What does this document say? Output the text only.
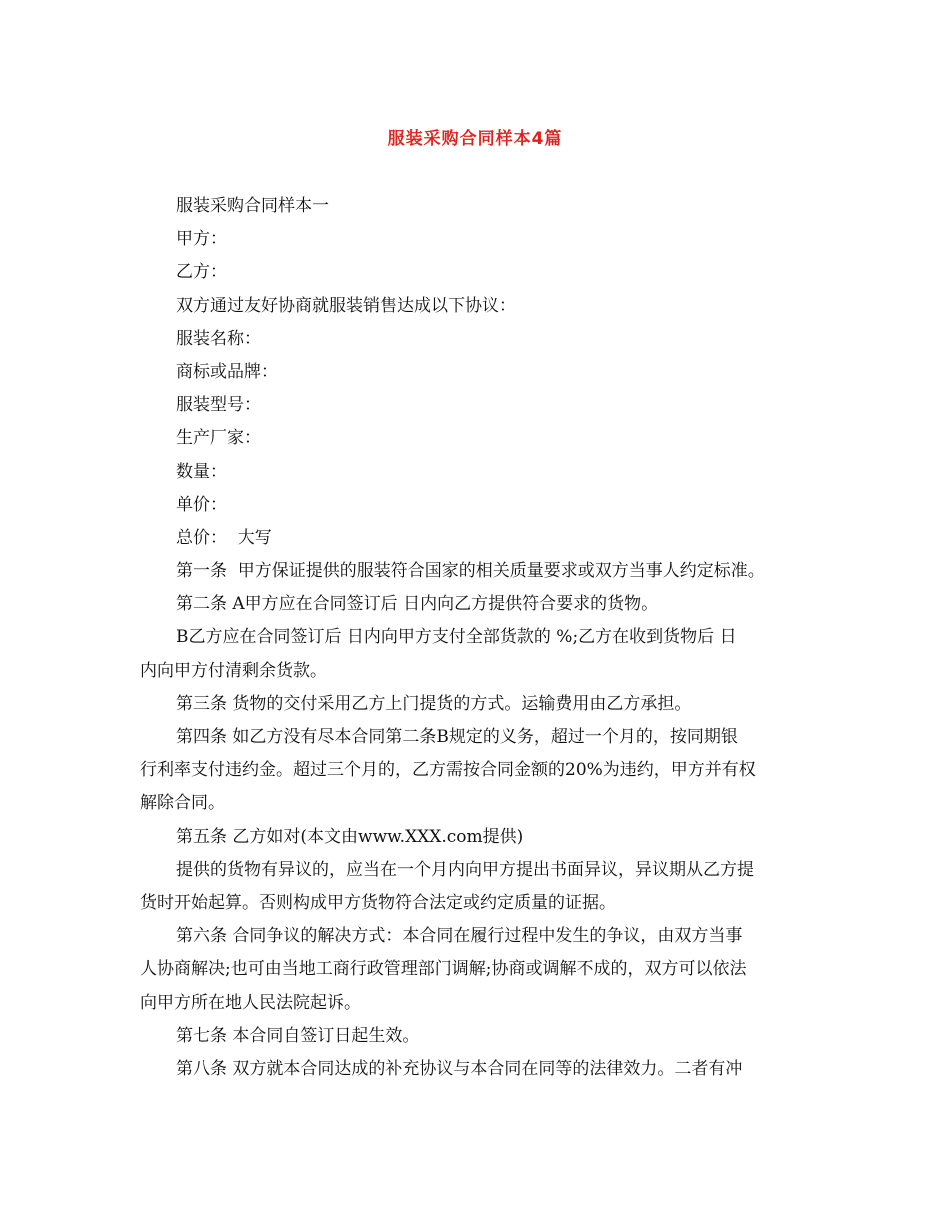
服装采购合同样本4篇
服装采购合同样本一
甲方：
乙方：
双方通过友好协商就服装销售达成以下协议：
服装名称：
商标或品牌：
服装型号：
生产厂家：
数量：
单价：
总价：  大写
第一条  甲方保证提供的服装符合国家的相关质量要求或双方当事人约定标准。
第二条 A甲方应在合同签订后 日内向乙方提供符合要求的货物。
B乙方应在合同签订后 日内向甲方支付全部货款的 %;乙方在收到货物后 日
内向甲方付清剩余货款。
第三条 货物的交付采用乙方上门提货的方式。运输费用由乙方承担。
第四条 如乙方没有尽本合同第二条B规定的义务，超过一个月的，按同期银
行利率支付违约金。超过三个月的，乙方需按合同金额的20%为违约，甲方并有权
解除合同。
第五条 乙方如对(本文由www.XXX.com提供)
提供的货物有异议的，应当在一个月内向甲方提出书面异议，异议期从乙方提
货时开始起算。否则构成甲方货物符合法定或约定质量的证据。
第六条 合同争议的解决方式：本合同在履行过程中发生的争议，由双方当事
人协商解决;也可由当地工商行政管理部门调解;协商或调解不成的，双方可以依法
向甲方所在地人民法院起诉。
第七条 本合同自签订日起生效。
第八条 双方就本合同达成的补充协议与本合同在同等的法律效力。二者有冲
